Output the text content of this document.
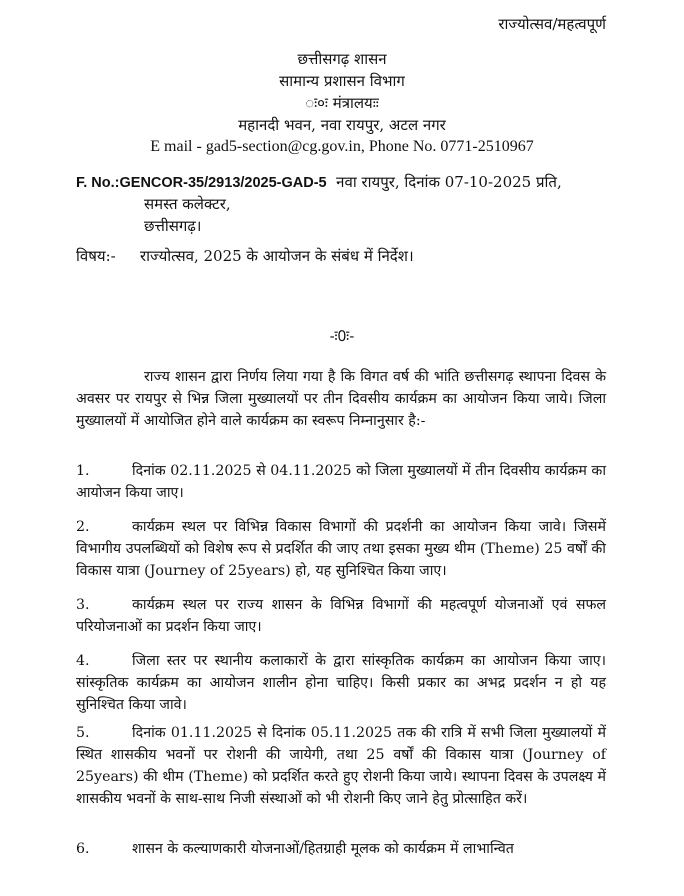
राज्योत्सव/महत्वपूर्ण
छत्तीसगढ़ शासन
सामान्य प्रशासन विभाग
ः०ः मंत्रालयःः
महानदी भवन, नवा रायपुर, अटल नगर
E mail - gad5-section@cg.gov.in, Phone No. 0771-2510967
F. No.:GENCOR-35/2913/2025-GAD-5 नवा रायपुर, दिनांक 07-10-2025 प्रति,
समस्त कलेक्टर,
छत्तीसगढ़।
विषय:- राज्योत्सव, 2025 के आयोजन के संबंध में निर्देश।
-ः0ः-

राज्य शासन द्वारा निर्णय लिया गया है कि विगत वर्ष की भांति छत्तीसगढ़ स्थापना दिवस के अवसर पर रायपुर से भिन्न जिला मुख्यालयों पर तीन दिवसीय कार्यक्रम का आयोजन किया जाये। जिला मुख्यालयों में आयोजित होने वाले कार्यक्रम का स्वरूप निम्नानुसार है:-

1.	दिनांक 02.11.2025 से 04.11.2025 को जिला मुख्यालयों में तीन दिवसीय कार्यक्रम का आयोजन किया जाए।

2.	कार्यक्रम स्थल पर विभिन्न विकास विभागों की प्रदर्शनी का आयोजन किया जावे। जिसमें विभागीय उपलब्धियों को विशेष रूप से प्रदर्शित की जाए तथा इसका मुख्य थीम (Theme) 25 वर्षों की विकास यात्रा (Journey of 25years) हो, यह सुनिश्चित किया जाए।

3.	कार्यक्रम स्थल पर राज्य शासन के विभिन्न विभागों की महत्वपूर्ण योजनाओं एवं सफल परियोजनाओं का प्रदर्शन किया जाए।

4.	जिला स्तर पर स्थानीय कलाकारों के द्वारा सांस्कृतिक कार्यक्रम का आयोजन किया जाए। सांस्कृतिक कार्यक्रम का आयोजन शालीन होना चाहिए। किसी प्रकार का अभद्र प्रदर्शन न हो यह सुनिश्चित किया जावे।

5.	दिनांक 01.11.2025 से दिनांक 05.11.2025 तक की रात्रि में सभी जिला मुख्यालयों में स्थित शासकीय भवनों पर रोशनी की जायेगी, तथा 25 वर्षों की विकास यात्रा (Journey of 25years) की थीम (Theme) को प्रदर्शित करते हुए रोशनी किया जाये। स्थापना दिवस के उपलक्ष्य में शासकीय भवनों के साथ-साथ निजी संस्थाओं को भी रोशनी किए जाने हेतु प्रोत्साहित करें।

6.	शासन के कल्याणकारी योजनाओं/हितग्राही मूलक को कार्यक्रम में लाभान्वित
